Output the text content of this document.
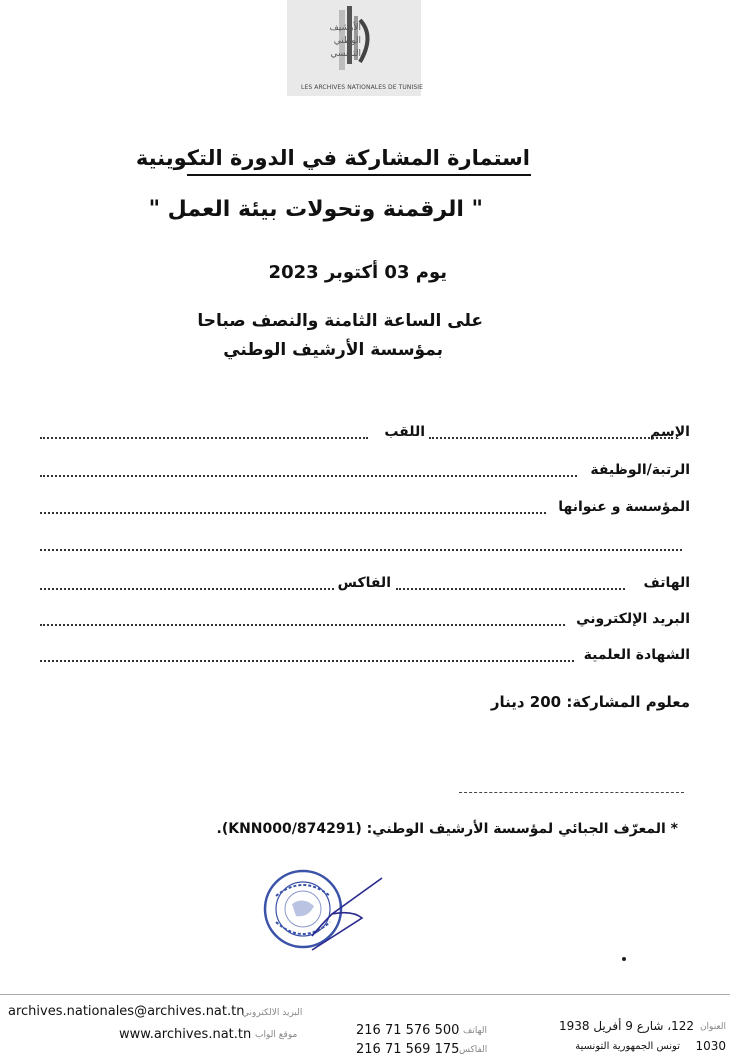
الأرشيف
الوطني
التونسي
LES ARCHIVES NATIONALES DE TUNISIE
استمارة المشاركة في الدورة التكوينية
" الرقمنة وتحولات بيئة العمل "
يوم 03 أكتوبر 2023
على الساعة الثامنة والنصف صباحا
بمؤسسة الأرشيف الوطني
الإسم
اللقب
الرتبة/الوظيفة
المؤسسة و عنوانها
الهاتف
الفاكس
البريد الإلكتروني
الشهادة العلمية
معلوم المشاركة: 200 دينار
* المعرّف الجبائي لمؤسسة الأرشيف الوطني: (874291/KNN000).
archives.nationales@archives.nat.tn
البريد الالكتروني
www.archives.nat.tn موقع الواب	216 71 576 500 الهاتف
216 71 569 175 الفاكس
122، شارع 9 أفريل 1938 العنوان
تونس الجمهورية التونسية 1030
